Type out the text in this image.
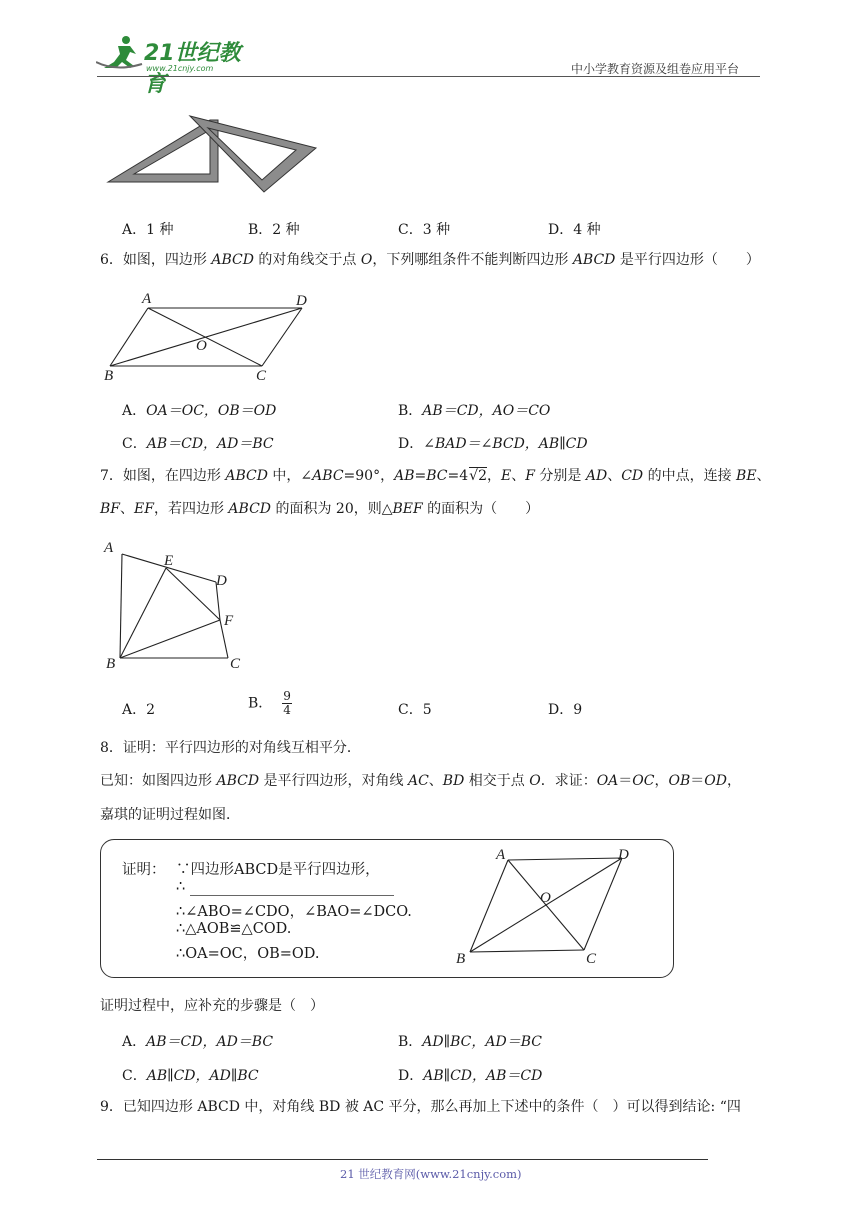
21世纪教育
www.21cnjy.com	中小学教育资源及组卷应用平台
A．1 种	B．2 种	C．3 种	D．4 种
6．如图，四边形 ABCD 的对角线交于点 O，下列哪组条件不能判断四边形 ABCD 是平行四边形（　　）
A	D
O
B	C
A．OA＝OC，OB＝OD	B．AB＝CD，AO＝CO
C．AB＝CD，AD＝BC	D．∠BAD＝∠BCD，AB∥CD
7．如图，在四边形 ABCD 中，∠ABC=90°，AB=BC=4√2，E、F 分别是 AD、CD 的中点，连接 BE、
BF、EF，若四边形 ABCD 的面积为 20，则△BEF 的面积为（　　）
A
E
D
F
B	C
A．2	B． $\frac{9}{4}$	C．5	D．9
8．证明：平行四边形的对角线互相平分．
已知：如图四边形 ABCD 是平行四边形，对角线 AC、BD 相交于点 O．求证：OA＝OC，OB＝OD，
嘉琪的证明过程如图．
证明： ∵四边形ABCD是平行四边形，
∴
∴∠ABO=∠CDO，∠BAO=∠DCO.
∴△AOB≌△COD.
∴OA=OC，OB=OD.
A	D
O
B	C
证明过程中，应补充的步骤是（　）
A．AB＝CD，AD＝BC	B．AD∥BC，AD＝BC
C．AB∥CD，AD∥BC	D．AB∥CD，AB＝CD
9．已知四边形 ABCD 中，对角线 BD 被 AC 平分，那么再加上下述中的条件（　）可以得到结论: “四
21 世纪教育网(www.21cnjy.com)
